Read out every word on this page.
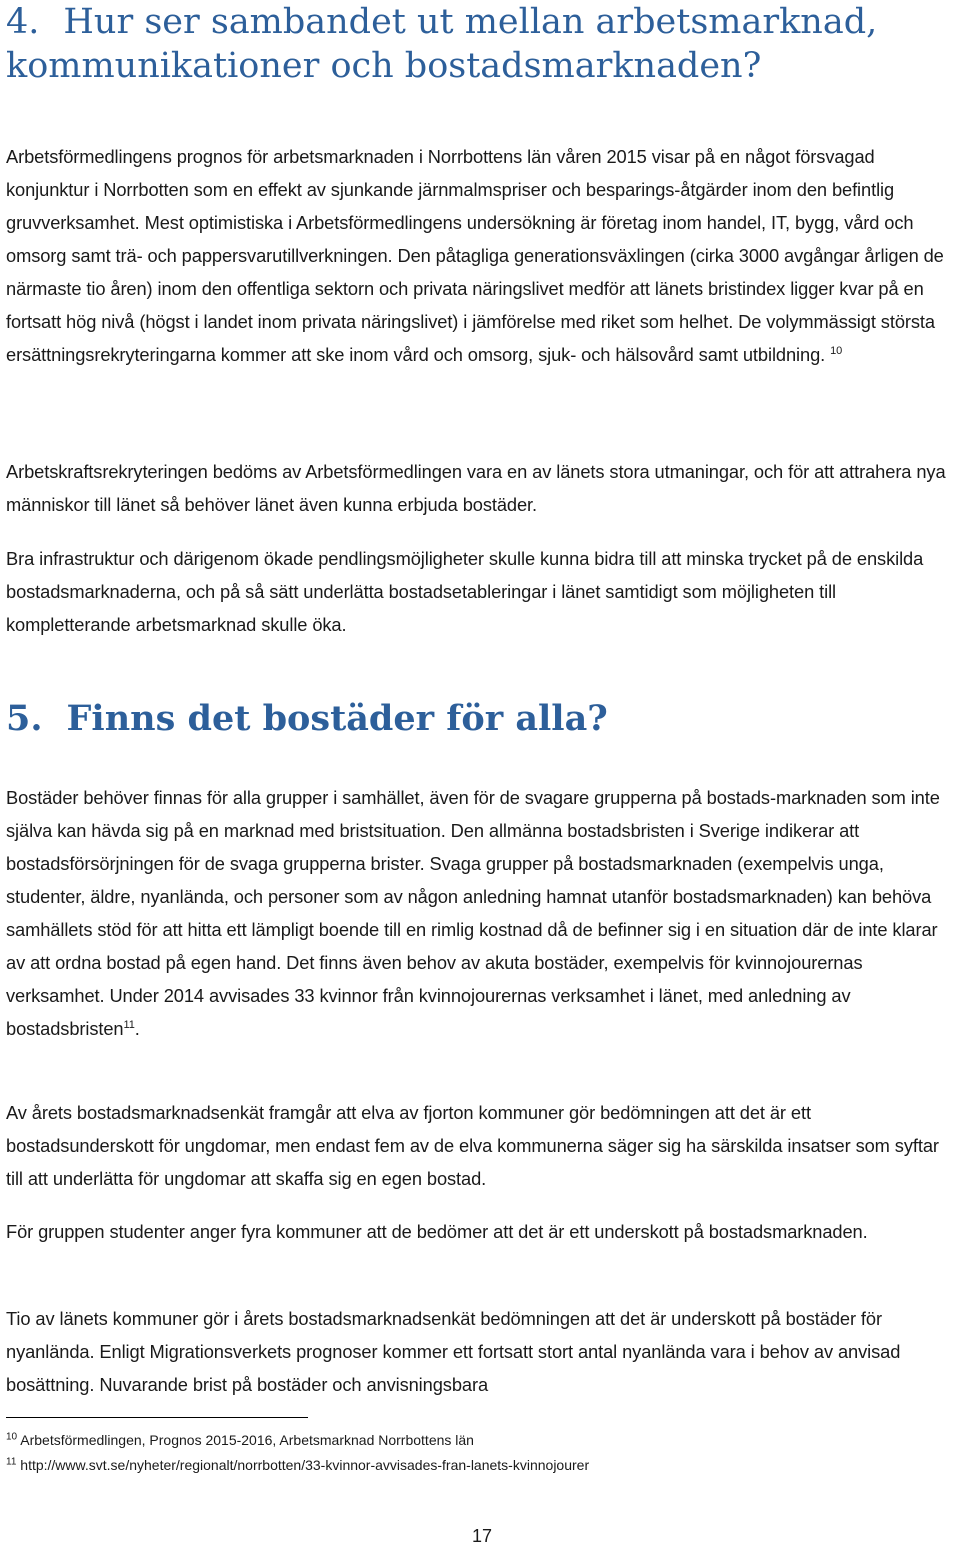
4. Hur ser sambandet ut mellan arbetsmarknad, kommunikationer och bostadsmarknaden?

Arbetsförmedlingens prognos för arbetsmarknaden i Norrbottens län våren 2015 visar på en något försvagad konjunktur i Norrbotten som en effekt av sjunkande järnmalmspriser och besparings-åtgärder inom den befintlig gruvverksamhet. Mest optimistiska i Arbetsförmedlingens undersökning är företag inom handel, IT, bygg, vård och omsorg samt trä- och pappersvarutillverkningen. Den påtagliga generationsväxlingen (cirka 3000 avgångar årligen de närmaste tio åren) inom den offentliga sektorn och privata näringslivet medför att länets bristindex ligger kvar på en fortsatt hög nivå (högst i landet inom privata näringslivet) i jämförelse med riket som helhet. De volymmässigt största ersättningsrekryteringarna kommer att ske inom vård och omsorg, sjuk- och hälsovård samt utbildning. $^{10}$

Arbetskraftsrekryteringen bedöms av Arbetsförmedlingen vara en av länets stora utmaningar, och för att attrahera nya människor till länet så behöver länet även kunna erbjuda bostäder.

Bra infrastruktur och därigenom ökade pendlingsmöjligheter skulle kunna bidra till att minska trycket på de enskilda bostadsmarknaderna, och på så sätt underlätta bostadsetableringar i länet samtidigt som möjligheten till kompletterande arbetsmarknad skulle öka.

5. Finns det bostäder för alla?

Bostäder behöver finnas för alla grupper i samhället, även för de svagare grupperna på bostads-marknaden som inte själva kan hävda sig på en marknad med bristsituation. Den allmänna bostadsbristen i Sverige indikerar att bostadsförsörjningen för de svaga grupperna brister. Svaga grupper på bostadsmarknaden (exempelvis unga, studenter, äldre, nyanlända, och personer som av någon anledning hamnat utanför bostadsmarknaden) kan behöva samhällets stöd för att hitta ett lämpligt boende till en rimlig kostnad då de befinner sig i en situation där de inte klarar av att ordna bostad på egen hand. Det finns även behov av akuta bostäder, exempelvis för kvinnojourernas verksamhet. Under 2014 avvisades 33 kvinnor från kvinnojourernas verksamhet i länet, med anledning av bostadsbristen$^{11}$.

Av årets bostadsmarknadsenkät framgår att elva av fjorton kommuner gör bedömningen att det är ett bostadsunderskott för ungdomar, men endast fem av de elva kommunerna säger sig ha särskilda insatser som syftar till att underlätta för ungdomar att skaffa sig en egen bostad.

För gruppen studenter anger fyra kommuner att de bedömer att det är ett underskott på bostadsmarknaden.

Tio av länets kommuner gör i årets bostadsmarknadsenkät bedömningen att det är underskott på bostäder för nyanlända. Enligt Migrationsverkets prognoser kommer ett fortsatt stort antal nyanlända vara i behov av anvisad bosättning. Nuvarande brist på bostäder och anvisningsbara

$^{10}$ Arbetsförmedlingen, Prognos 2015-2016, Arbetsmarknad Norrbottens län
$^{11}$ http://www.svt.se/nyheter/regionalt/norrbotten/33-kvinnor-avvisades-fran-lanets-kvinnojourer
17
